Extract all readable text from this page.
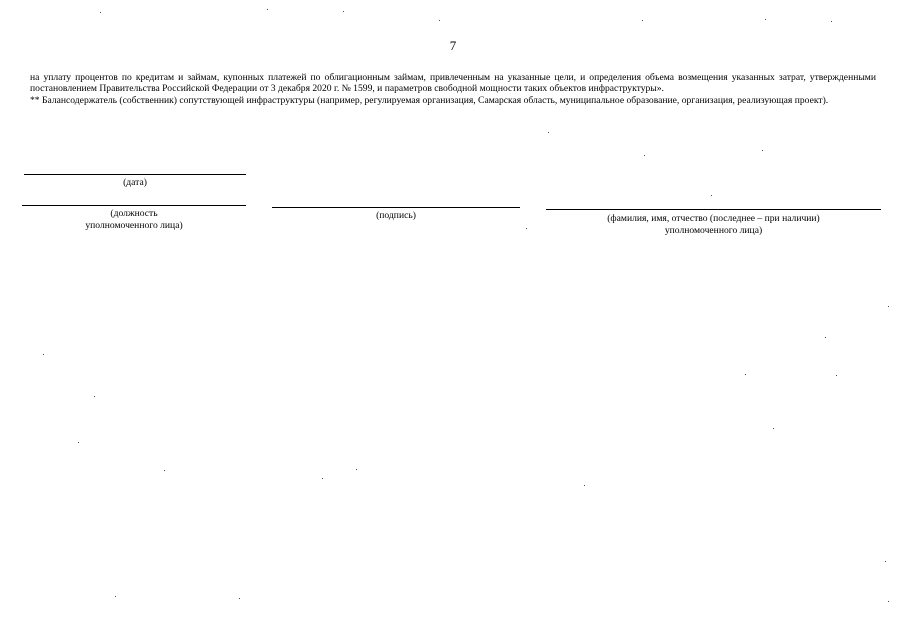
7

на уплату процентов по кредитам и займам, купонных платежей по облигационным займам, привлеченным на указанные цели, и определения объема возмещения указанных затрат, утвержденными постановлением Правительства Российской Федерации от 3 декабря 2020 г. № 1599, и параметров свободной мощности таких объектов инфраструктуры».

** Балансодержатель (собственник) сопутствующей инфраструктуры (например, регулируемая организация, Самарская область, муниципальное образование, организация, реализующая проект).

(дата)
(должность
уполномоченного лица)
(подпись)	(фамилия, имя, отчество (последнее – при наличии)
уполномоченного лица)
